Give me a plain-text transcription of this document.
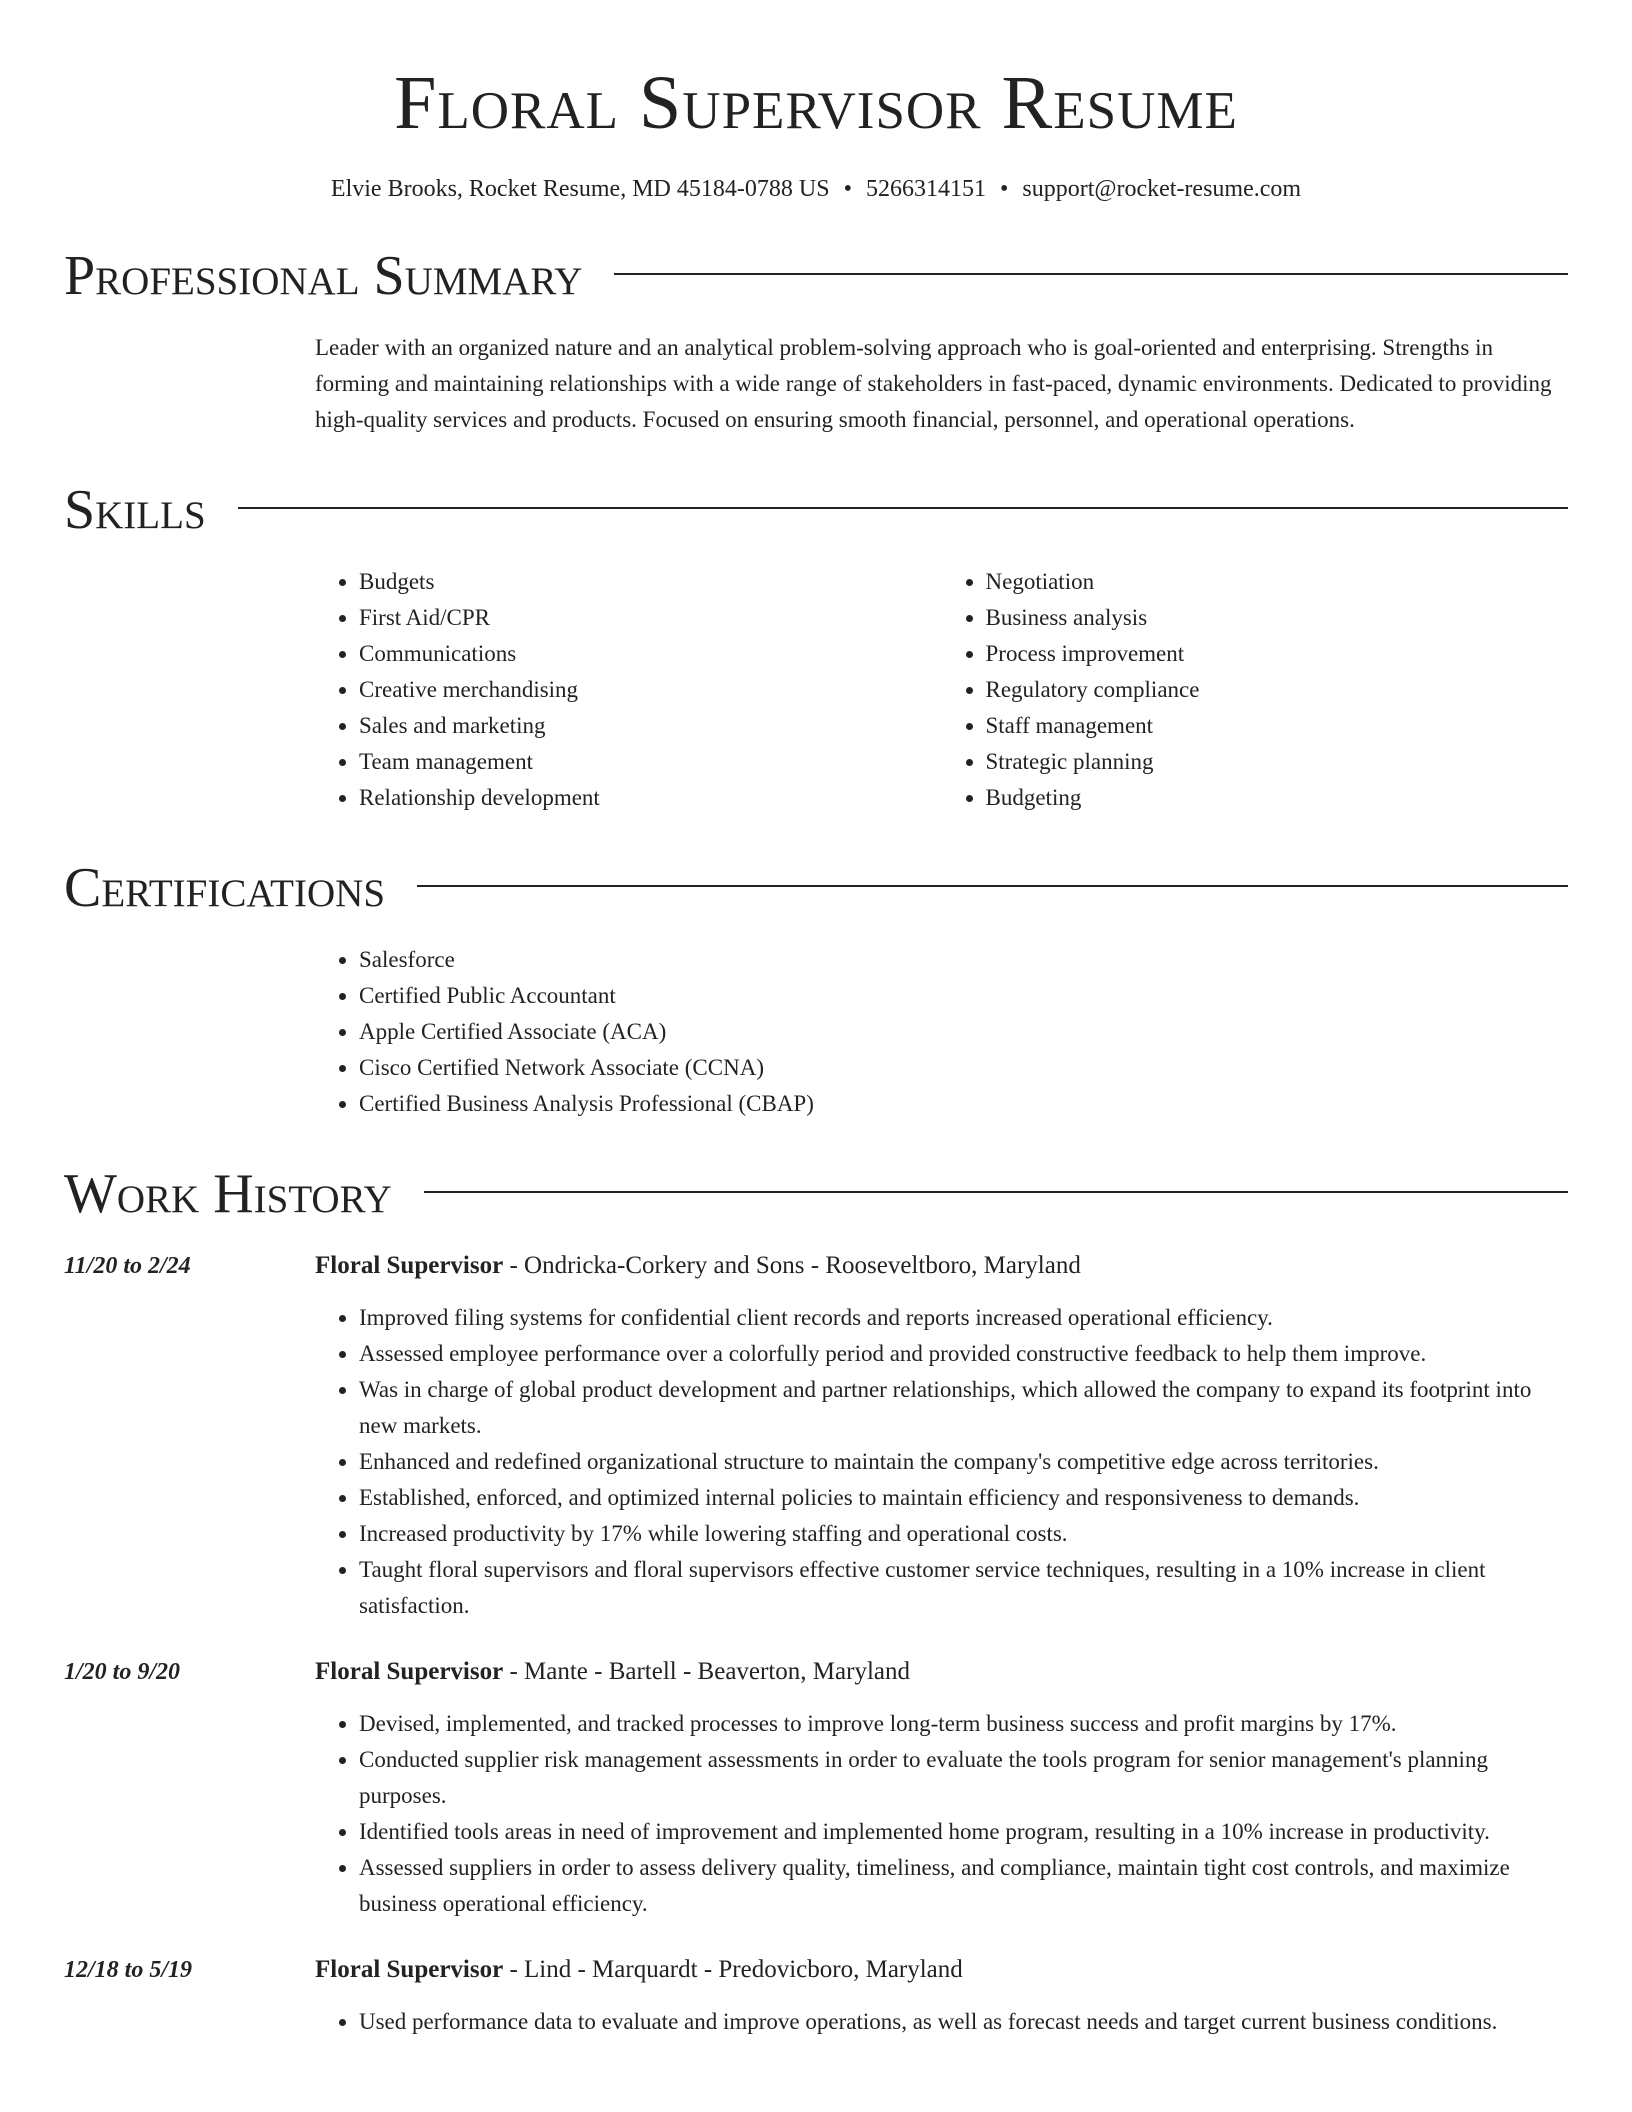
Floral Supervisor Resume
Elvie Brooks, Rocket Resume, MD 45184-0788 US • 5266314151 • support@rocket-resume.com
Professional Summary
Leader with an organized nature and an analytical problem-solving approach who is goal-oriented and enterprising. Strengths in forming and maintaining relationships with a wide range of stakeholders in fast-paced, dynamic environments. Dedicated to providing high-quality services and products. Focused on ensuring smooth financial, personnel, and operational operations.
Skills
• Budgets
• First Aid/CPR
• Communications
• Creative merchandising
• Sales and marketing
• Team management
• Relationship development
• Negotiation
• Business analysis
• Process improvement
• Regulatory compliance
• Staff management
• Strategic planning
• Budgeting
Certifications
• Salesforce
• Certified Public Accountant
• Apple Certified Associate (ACA)
• Cisco Certified Network Associate (CCNA)
• Certified Business Analysis Professional (CBAP)
Work History
11/20 to 2/24	Floral Supervisor - Ondricka-Corkery and Sons - Rooseveltboro, Maryland
• Improved filing systems for confidential client records and reports increased operational efficiency.
• Assessed employee performance over a colorfully period and provided constructive feedback to help them improve.
• Was in charge of global product development and partner relationships, which allowed the company to expand its footprint into new markets.
• Enhanced and redefined organizational structure to maintain the company's competitive edge across territories.
• Established, enforced, and optimized internal policies to maintain efficiency and responsiveness to demands.
• Increased productivity by 17% while lowering staffing and operational costs.
• Taught floral supervisors and floral supervisors effective customer service techniques, resulting in a 10% increase in client satisfaction.
1/20 to 9/20	Floral Supervisor - Mante - Bartell - Beaverton, Maryland
• Devised, implemented, and tracked processes to improve long-term business success and profit margins by 17%.
• Conducted supplier risk management assessments in order to evaluate the tools program for senior management's planning purposes.
• Identified tools areas in need of improvement and implemented home program, resulting in a 10% increase in productivity.
• Assessed suppliers in order to assess delivery quality, timeliness, and compliance, maintain tight cost controls, and maximize business operational efficiency.
12/18 to 5/19	Floral Supervisor - Lind - Marquardt - Predovicboro, Maryland
• Used performance data to evaluate and improve operations, as well as forecast needs and target current business conditions.
